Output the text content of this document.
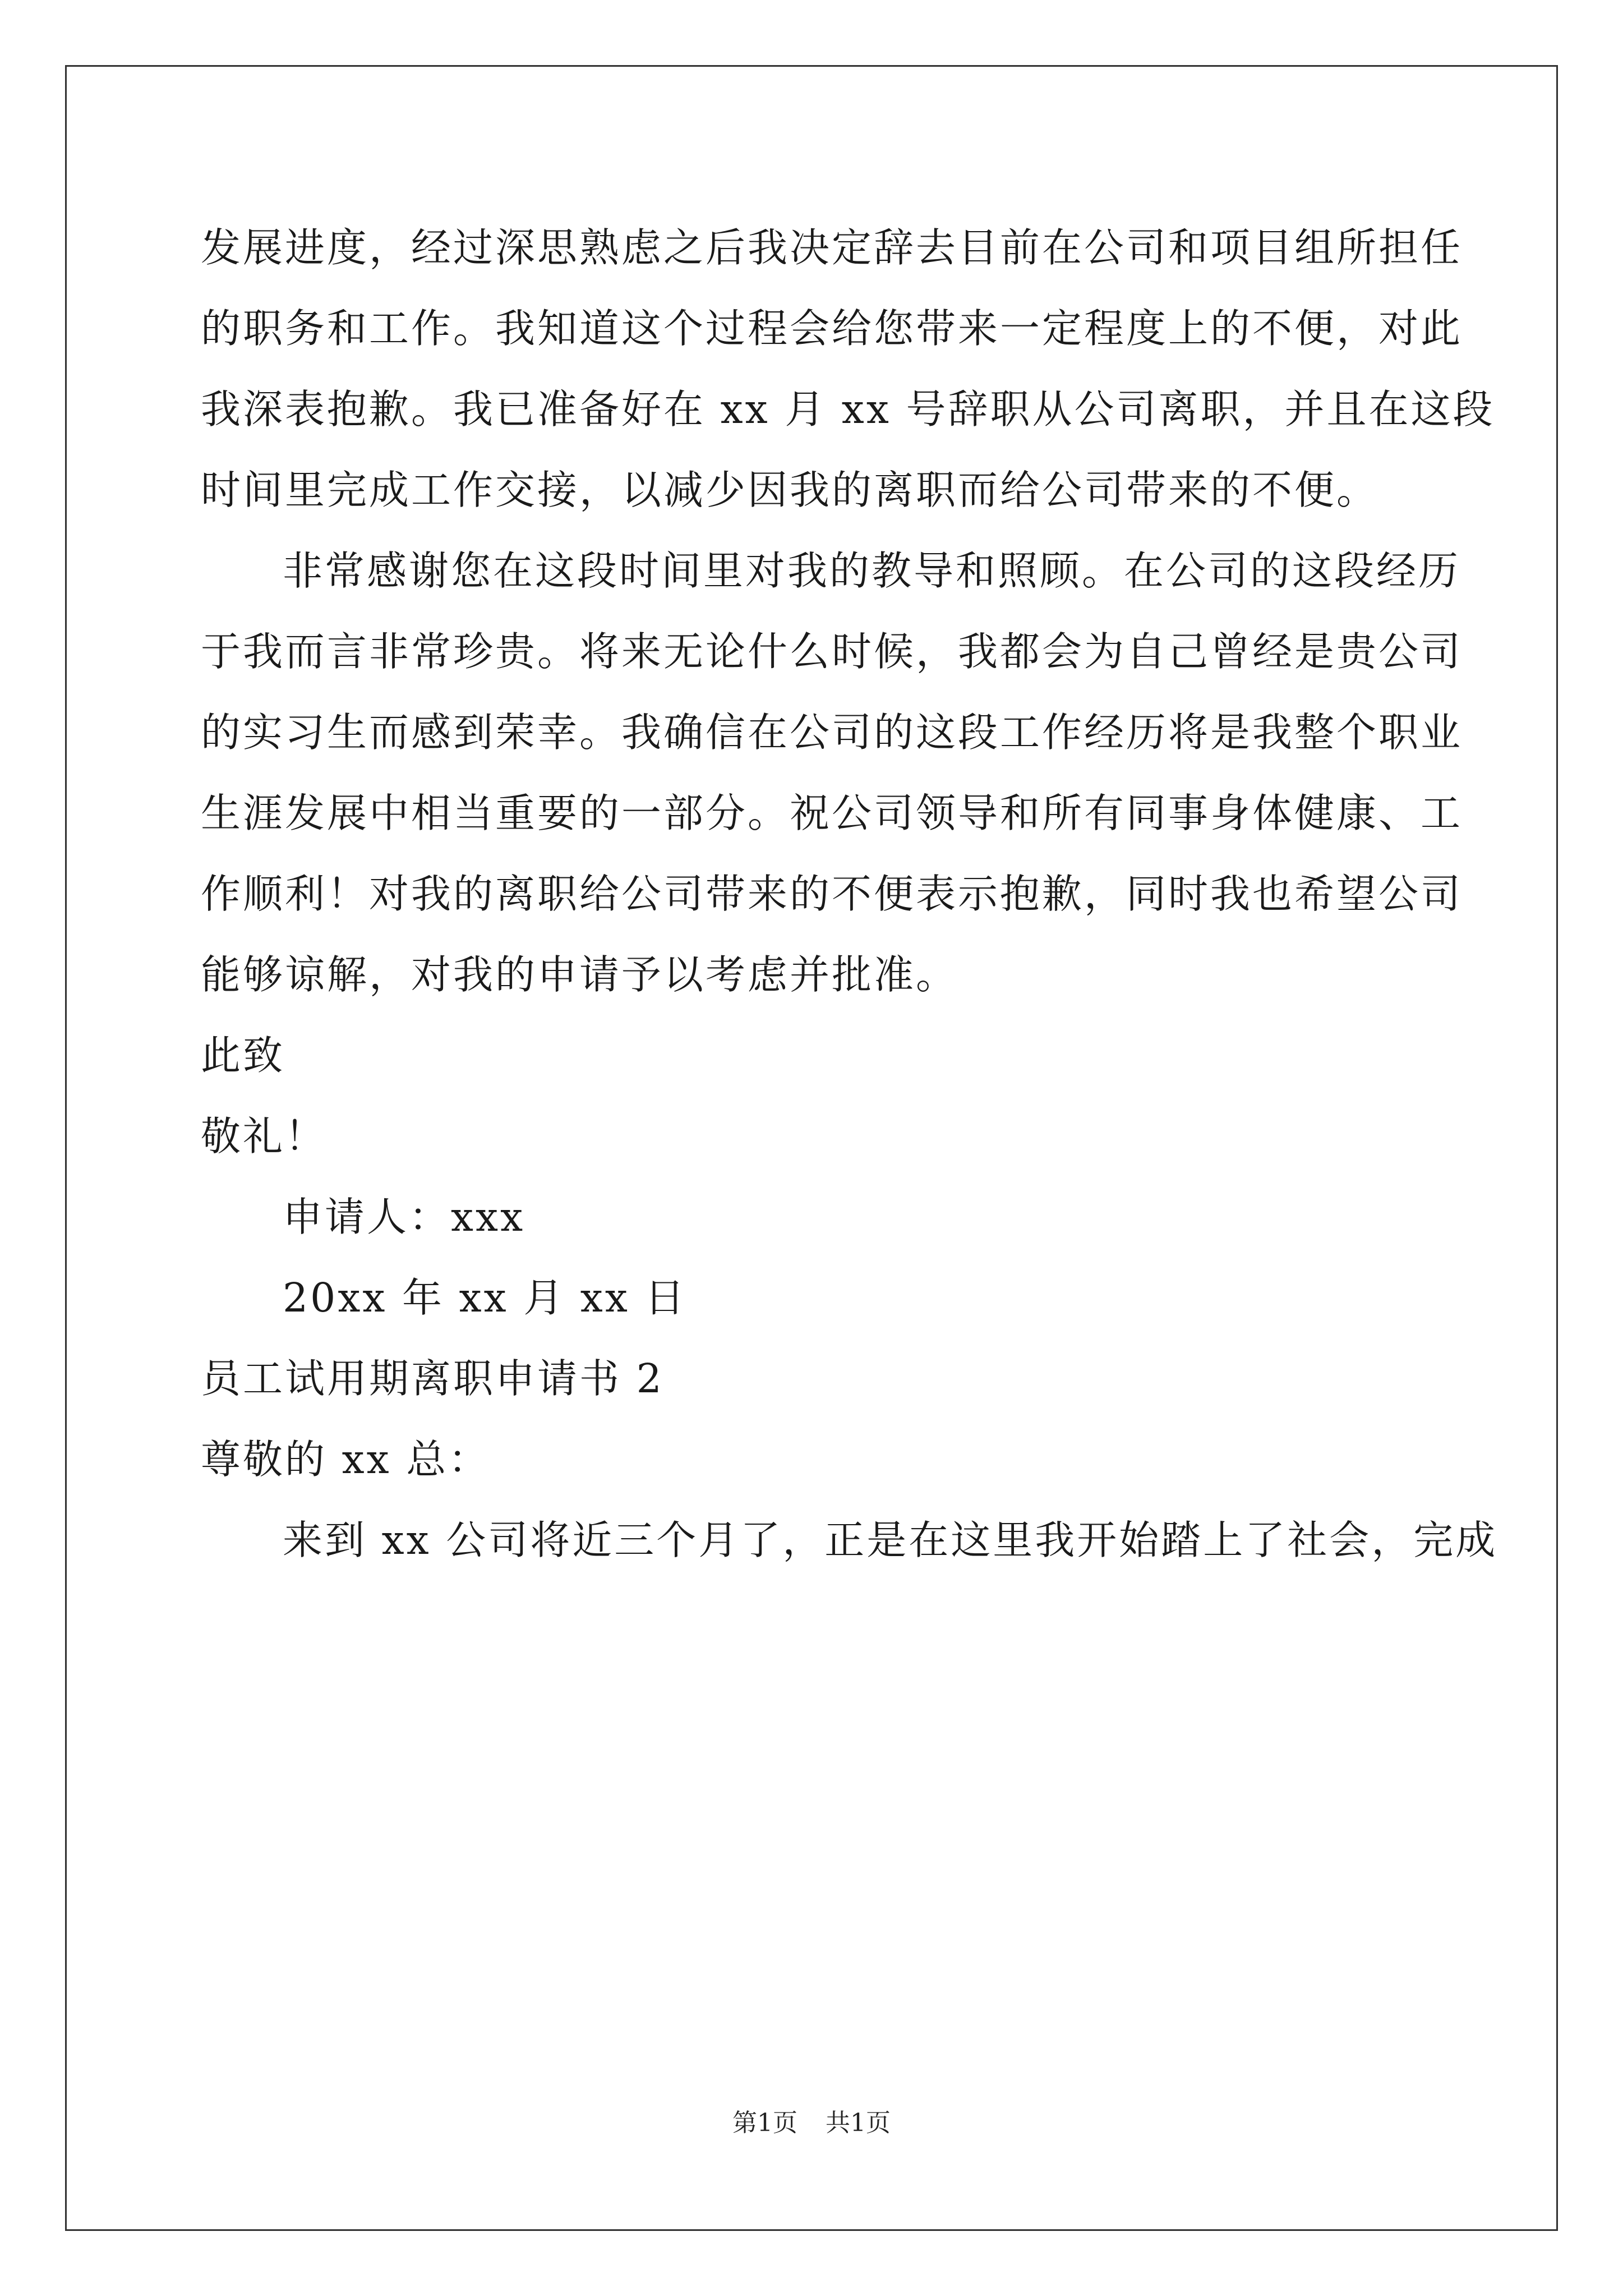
发展进度，经过深思熟虑之后我决定辞去目前在公司和项目组所担任
的职务和工作。我知道这个过程会给您带来一定程度上的不便，对此
我深表抱歉。我已准备好在 xx 月 xx 号辞职从公司离职，并且在这段
时间里完成工作交接，以减少因我的离职而给公司带来的不便。
非常感谢您在这段时间里对我的教导和照顾。在公司的这段经历
于我而言非常珍贵。将来无论什么时候，我都会为自己曾经是贵公司
的实习生而感到荣幸。我确信在公司的这段工作经历将是我整个职业
生涯发展中相当重要的一部分。祝公司领导和所有同事身体健康、工
作顺利！对我的离职给公司带来的不便表示抱歉，同时我也希望公司
能够谅解，对我的申请予以考虑并批准。
此致
敬礼！
申请人：xxx
20xx 年 xx 月 xx 日
员工试用期离职申请书 2
尊敬的 xx 总：
来到 xx 公司将近三个月了，正是在这里我开始踏上了社会，完成
第1页 共1页
